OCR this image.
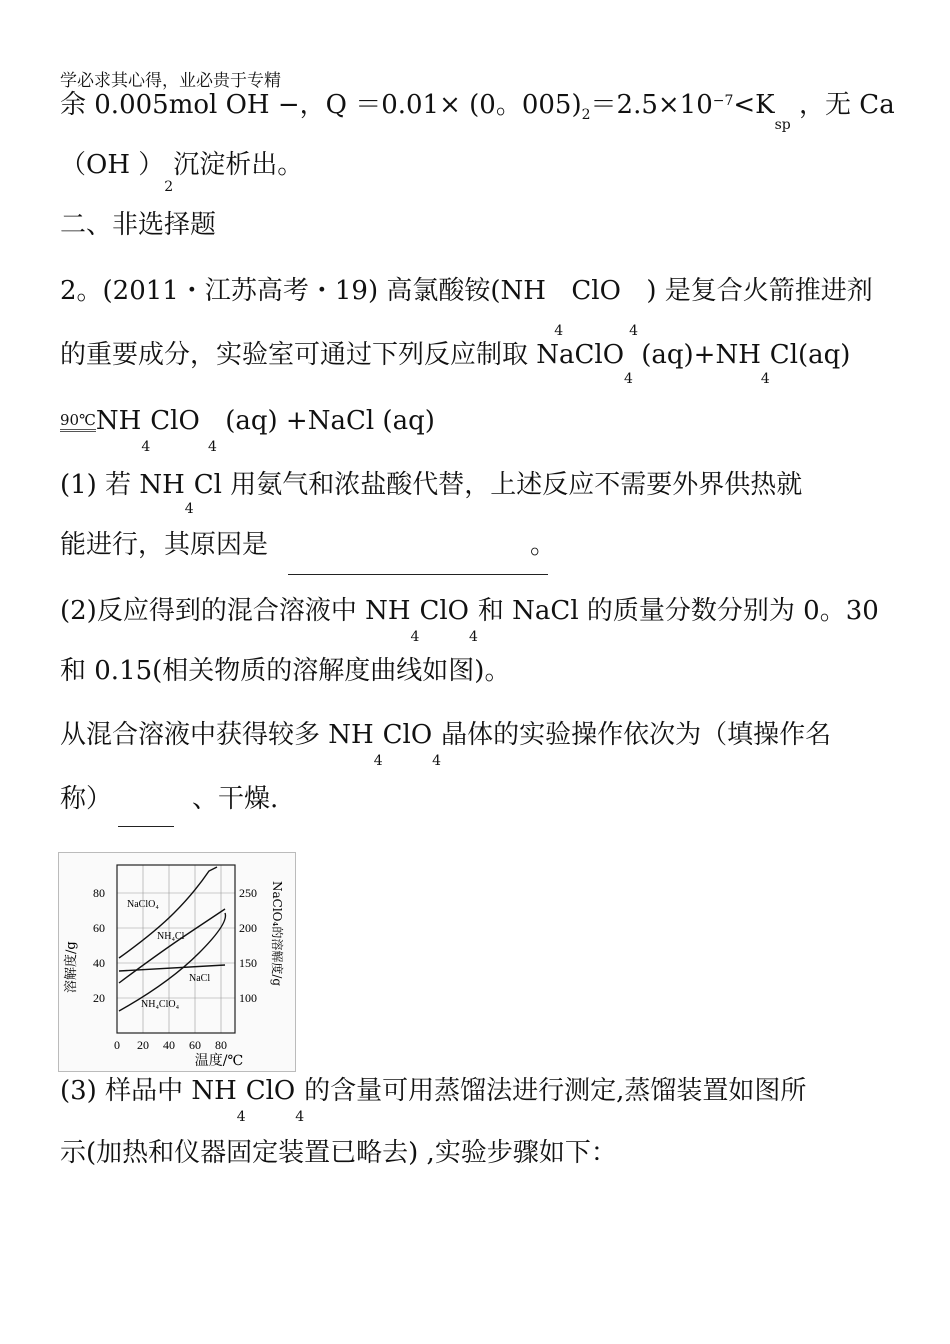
学必求其心得，业必贵于专精
余 0.005mol OH −，Q ＝0.01× (0。$005)_2=2.5\times 10^{-7}<K_{sp}$ ，无 Ca
（OH ）$_2$沉淀析出。
二、非选择题
2。(2011・江苏高考・19) 高氯酸铵(NH $_4$ ClO $_4$ ) 是复合火箭推进剂
的重要成分，实验室可通过下列反应制取 NaClO$_4$ $(aq)+NH_4Cl(aq)$
$90℃NH_4ClO$ $_4$ (aq) +NaCl (aq)
(1) 若 $NH_4Cl$ 用氨气和浓盐酸代替，上述反应不需要外界供热就
能进行，其原因是	。
(2)反应得到的混合溶液中 $NH_4ClO_4$和 NaCl 的质量分数分别为 0。30
和 0.15(相关物质的溶解度曲线如图)。
从混合溶液中获得较多 $NH_4ClO_4$晶体的实验操作依次为（填操作名
称）	、干燥.
NaClO₄
NH₄Cl
NaCl
NH₄ClO₄
80
60
40
20
250
200
150
100
0 20 40 60 80
温度/℃
溶解度/g	NaClO₄的溶解度/g
(3) 样品中 $NH_4ClO_4$的含量可用蒸馏法进行测定,蒸馏装置如图所
示(加热和仪器固定装置已略去) ,实验步骤如下：
